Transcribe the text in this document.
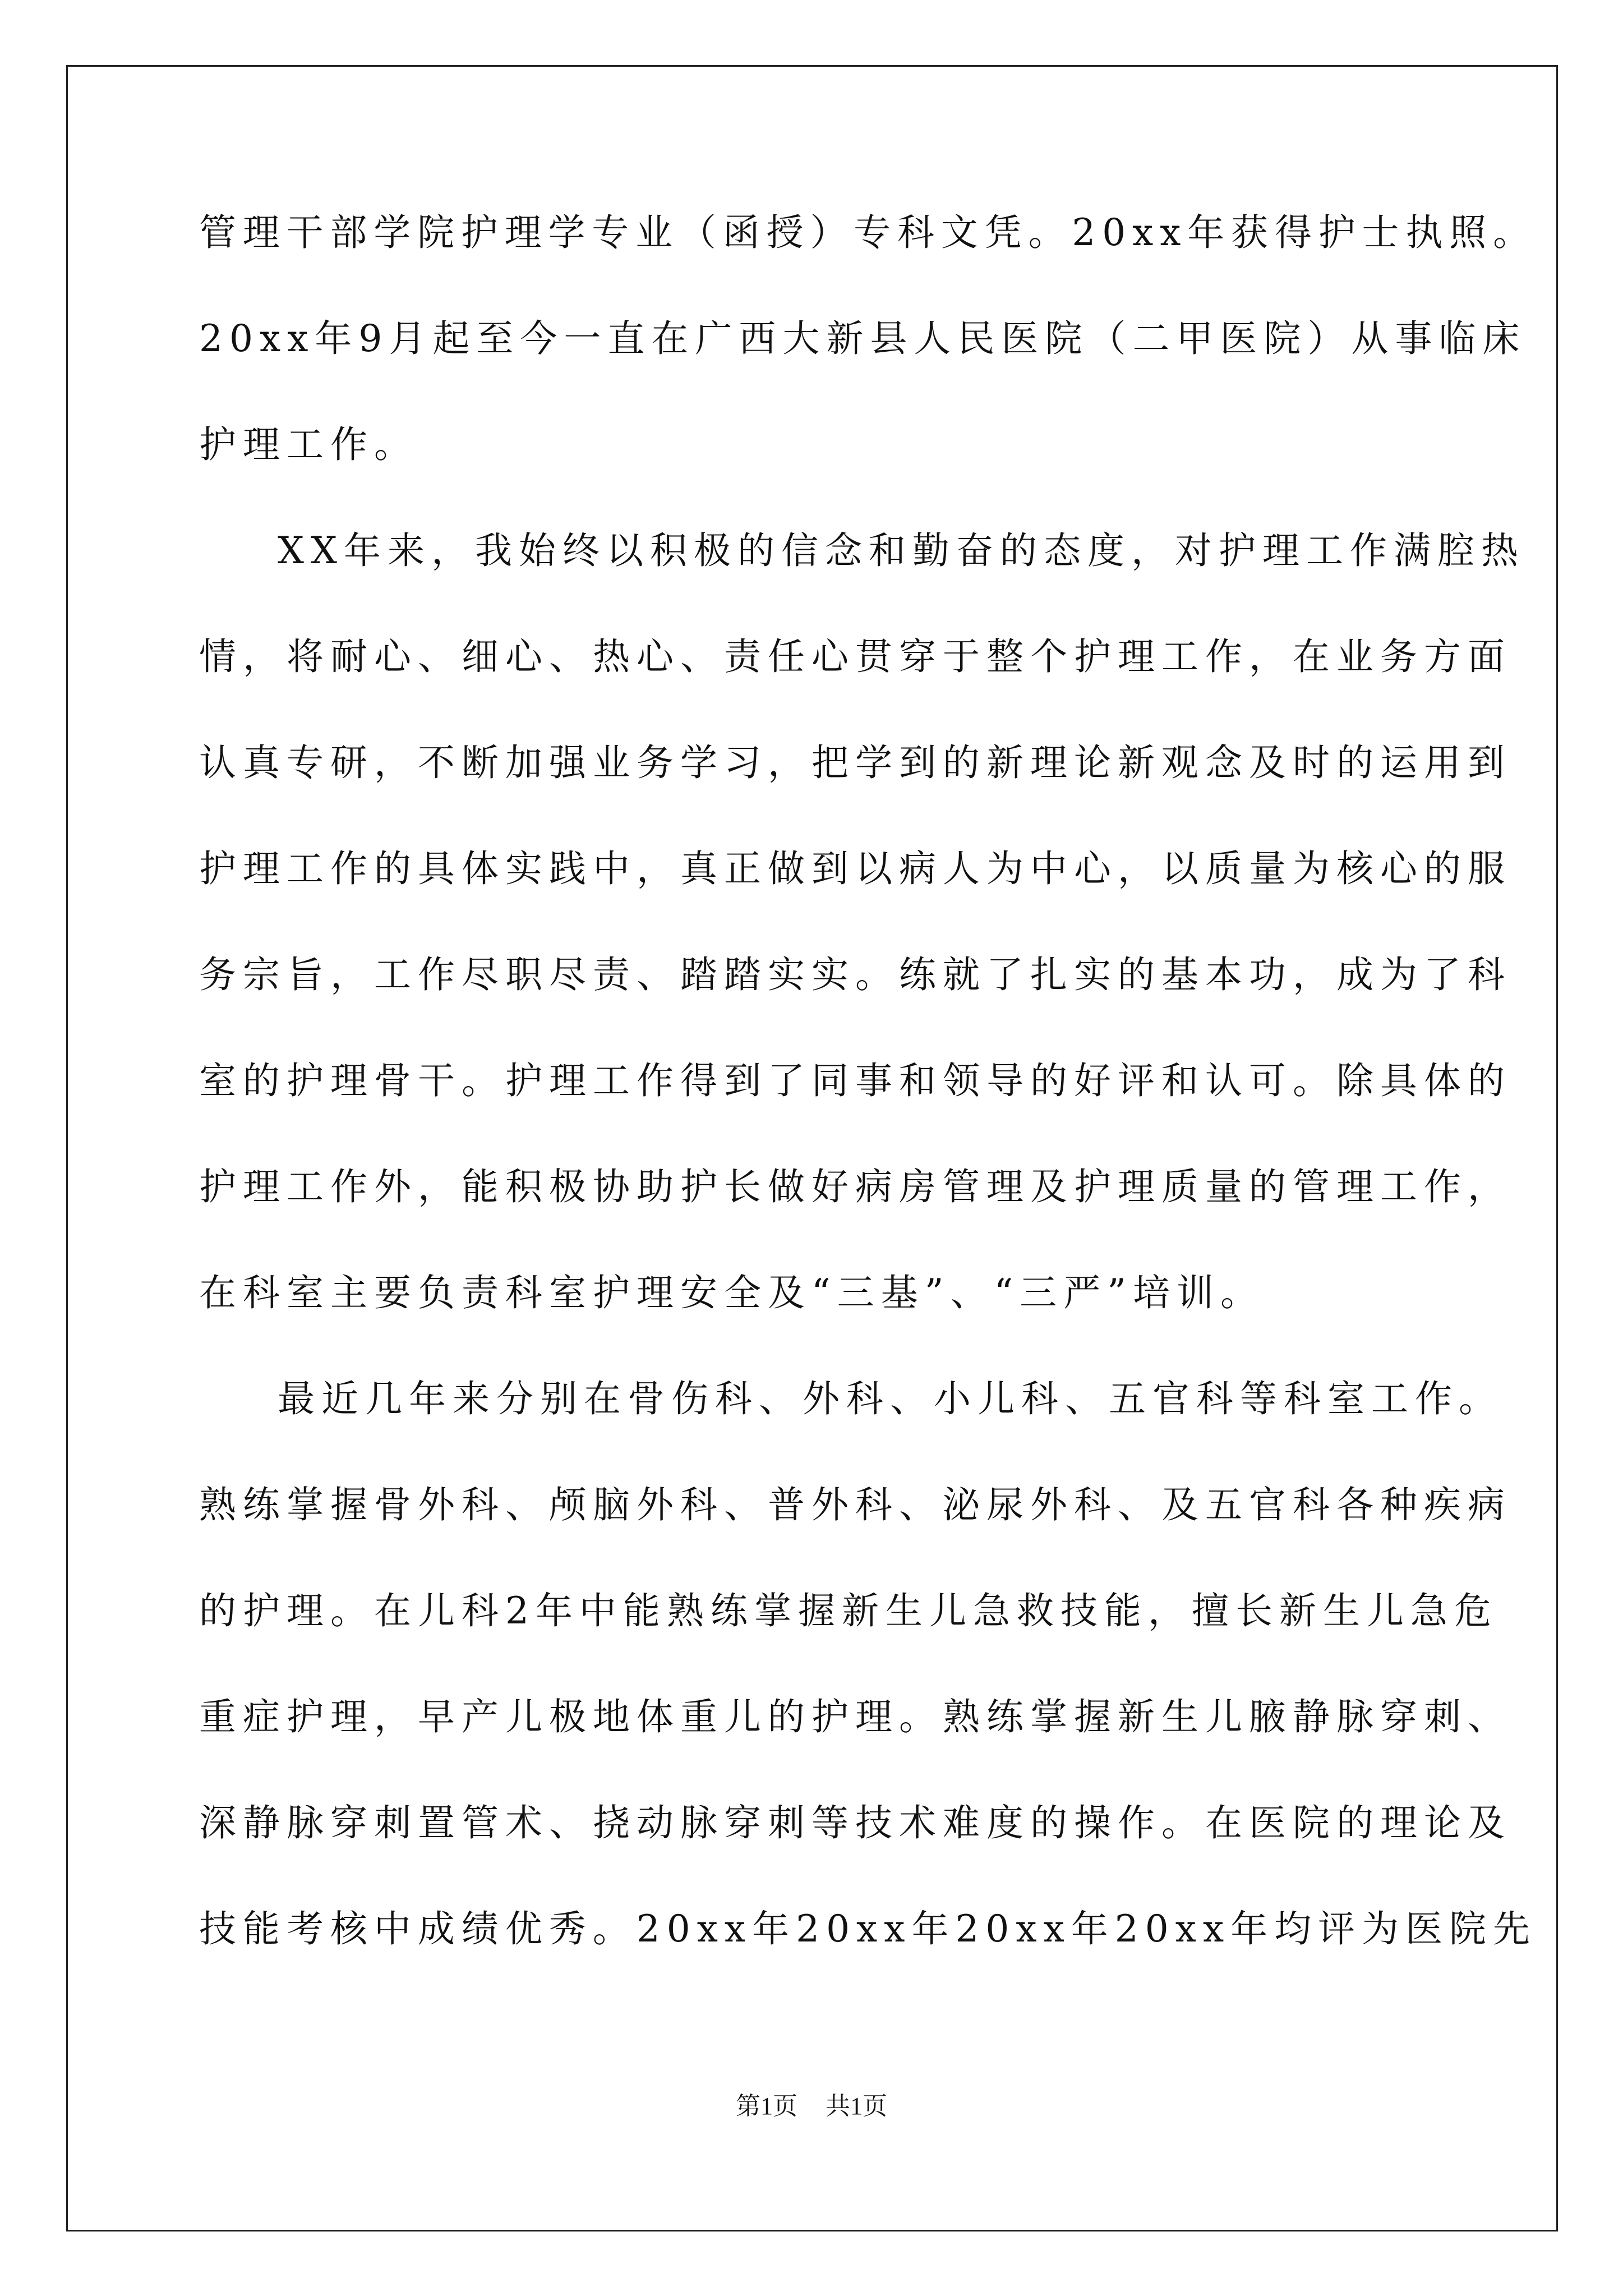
管理干部学院护理学专业（函授）专科文凭。20xx年获得护士执照。
20xx年9月起至今一直在广西大新县人民医院（二甲医院）从事临床
护理工作。
XX年来，我始终以积极的信念和勤奋的态度，对护理工作满腔热
情，将耐心、细心、热心、责任心贯穿于整个护理工作，在业务方面
认真专研，不断加强业务学习，把学到的新理论新观念及时的运用到
护理工作的具体实践中，真正做到以病人为中心，以质量为核心的服
务宗旨，工作尽职尽责、踏踏实实。练就了扎实的基本功，成为了科
室的护理骨干。护理工作得到了同事和领导的好评和认可。除具体的
护理工作外，能积极协助护长做好病房管理及护理质量的管理工作，
在科室主要负责科室护理安全及“三基”、“三严”培训。
最近几年来分别在骨伤科、外科、小儿科、五官科等科室工作。
熟练掌握骨外科、颅脑外科、普外科、泌尿外科、及五官科各种疾病
的护理。在儿科2年中能熟练掌握新生儿急救技能，擅长新生儿急危
重症护理，早产儿极地体重儿的护理。熟练掌握新生儿腋静脉穿刺、
深静脉穿刺置管术、挠动脉穿刺等技术难度的操作。在医院的理论及
技能考核中成绩优秀。20xx年20xx年20xx年20xx年均评为医院先
第1页 共1页
